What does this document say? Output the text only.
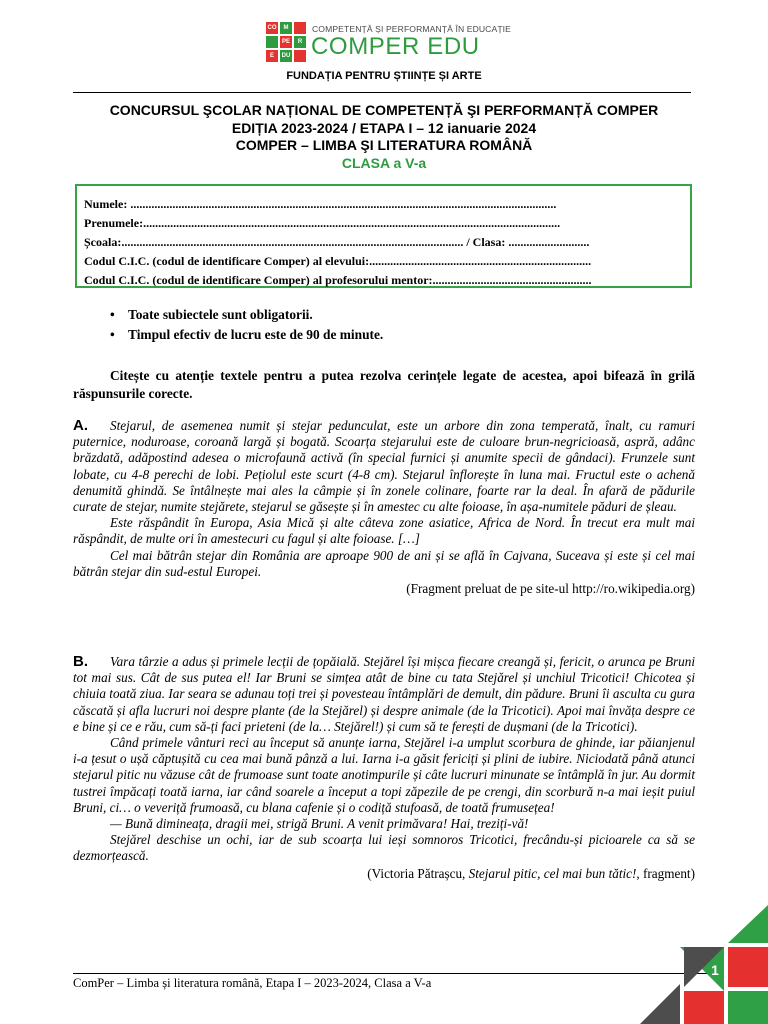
CO	M
PE	R
E	DU
COMPETENȚĂ ȘI PERFORMANȚĂ ÎN EDUCAȚIE
COMPER EDU
FUNDAȚIA PENTRU ȘTIINȚE ȘI ARTE
CONCURSUL ŞCOLAR NAȚIONAL DE COMPETENȚĂ ŞI PERFORMANȚĂ COMPER
EDIȚIA 2023-2024 / ETAPA I – 12 ianuarie 2024
COMPER – LIMBA ŞI LITERATURA ROMÂNĂ
CLASA a V-a
Numele: ..............................................................................................................................................
Prenumele:...........................................................................................................................................
Școala:.................................................................................................................. / Clasa: ...........................
Codul C.I.C. (codul de identificare Comper) al elevului:..........................................................................
Codul C.I.C. (codul de identificare Comper) al profesorului mentor:.....................................................
• Toate subiectele sunt obligatorii.
• Timpul efectiv de lucru este de 90 de minute.
Citește cu atenție textele pentru a putea rezolva cerințele legate de acestea, apoi bifează în grilă răspunsurile corecte.

A. Stejarul, de asemenea numit și stejar pedunculat, este un arbore din zona temperată, înalt, cu ramuri puternice, noduroase, coroană largă și bogată. Scoarța stejarului este de culoare brun-negricioasă, aspră, adânc brăzdată, adăpostind adesea o microfaună activă (în special furnici și anumite specii de gândaci). Frunzele sunt lobate, cu 4-8 perechi de lobi. Pețiolul este scurt (4-8 cm). Stejarul înflorește în luna mai. Fructul este o achenă denumită ghindă. Se întâlnește mai ales la câmpie și în zonele colinare, foarte rar la deal. În afară de pădurile curate de stejar, numite stejărete, stejarul se găsește și în amestec cu alte foioase, în așa-numitele păduri de șleau.

Este răspândit în Europa, Asia Mică și alte câteva zone asiatice, Africa de Nord. În trecut era mult mai răspândit, de multe ori în amestecuri cu fagul și alte foioase. […]

Cel mai bătrân stejar din România are aproape 900 de ani și se află în Cajvana, Suceava și este și cel mai bătrân stejar din sud-estul Europei.

(Fragment preluat de pe site-ul http://ro.wikipedia.org)

B. Vara târzie a adus și primele lecții de țopăială. Stejărel își mișca fiecare creangă și, fericit, o arunca pe Bruni tot mai sus. Cât de sus putea el! Iar Bruni se simțea atât de bine cu tata Stejărel și unchiul Tricotici! Chicotea și chiuia toată ziua. Iar seara se adunau toți trei și povesteau întâmplări de demult, din pădure. Bruni îi asculta cu gura căscată și afla lucruri noi despre plante (de la Stejărel) și despre animale (de la Tricotici). Apoi mai învăța despre ce e bine și ce e rău, cum să-ți faci prieteni (de la… Stejărel!) și cum să te ferești de dușmani (de la Tricotici).

Când primele vânturi reci au început să anunțe iarna, Stejărel i-a umplut scorbura de ghinde, iar păianjenul i-a țesut o ușă căptușită cu cea mai bună pânză a lui. Iarna i-a găsit fericiți și plini de iubire. Niciodată până atunci stejarul pitic nu văzuse cât de frumoase sunt toate anotimpurile și câte lucruri minunate se întâmplă în jur. Au dormit tustrei împăcați toată iarna, iar când soarele a început a topi zăpezile de pe crengi, din scorbură n-a mai ieșit puiul Bruni, ci… o veveriță frumoasă, cu blana cafenie și o codiță stufoasă, de toată frumusețea!

— Bună dimineața, dragii mei, strigă Bruni. A venit primăvara! Hai, treziți-vă!

Stejărel deschise un ochi, iar de sub scoarța lui ieși somnoros Tricotici, frecându-și picioarele ca să se dezmorțească.

(Victoria Pătrașcu, Stejarul pitic, cel mai bun tătic!, fragment)
ComPer – Limba și literatura română, Etapa I – 2023-2024, Clasa a V-a
1
